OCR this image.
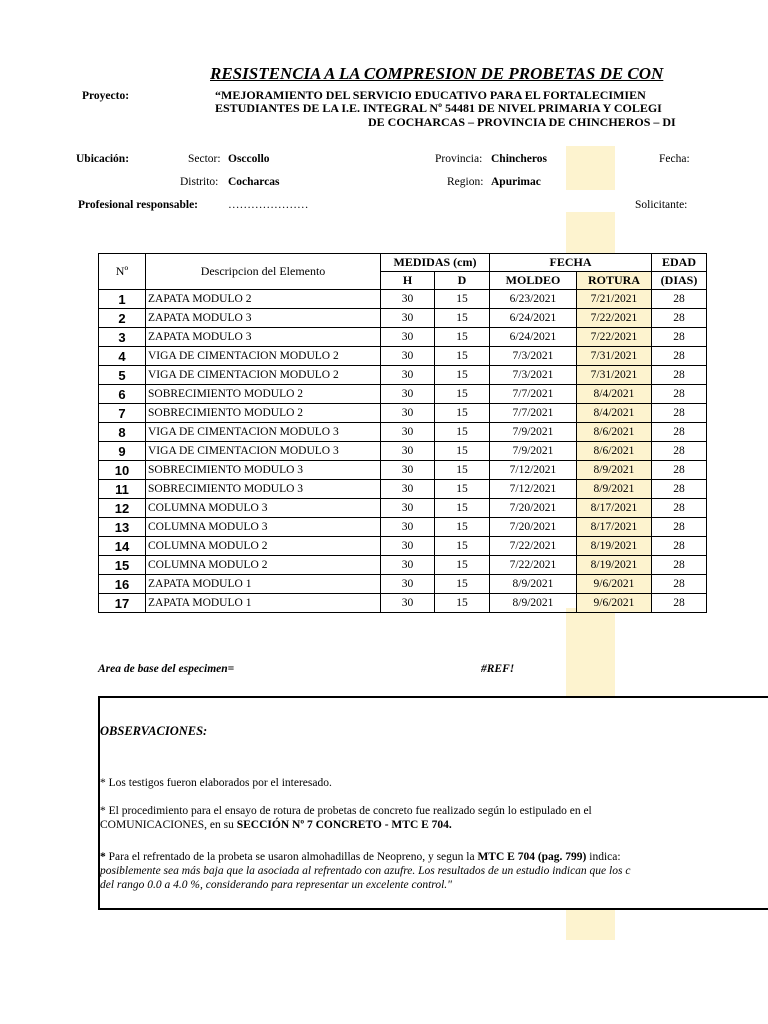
RESISTENCIA A LA COMPRESION DE PROBETAS DE CON
Proyecto:	“MEJORAMIENTO DEL SERVICIO EDUCATIVO PARA EL FORTALECIMIEN
ESTUDIANTES DE LA I.E. INTEGRAL Nº 54481 DE NIVEL PRIMARIA Y COLEGI
DE COCHARCAS – PROVINCIA DE CHINCHEROS – DI
Ubicación:	Sector: Osccollo
Distrito: Cocharcas
Provincia: Chincheros
Region: Apurimac
Fecha:
Profesional responsable:	…………………	Solicitante:
Nº	Descripcion del Elemento	MEDIDAS (cm)		FECHA		EDAD
		H	D	MOLDEO	ROTURA	(DIAS)
1	ZAPATA MODULO 2	30	15	6/23/2021	7/21/2021	28
2	ZAPATA MODULO 3	30	15	6/24/2021	7/22/2021	28
3	ZAPATA MODULO 3	30	15	6/24/2021	7/22/2021	28
4	VIGA DE CIMENTACION MODULO 2	30	15	7/3/2021	7/31/2021	28
5	VIGA DE CIMENTACION MODULO 2	30	15	7/3/2021	7/31/2021	28
6	SOBRECIMIENTO MODULO 2	30	15	7/7/2021	8/4/2021	28
7	SOBRECIMIENTO MODULO 2	30	15	7/7/2021	8/4/2021	28
8	VIGA DE CIMENTACION MODULO 3	30	15	7/9/2021	8/6/2021	28
9	VIGA DE CIMENTACION MODULO 3	30	15	7/9/2021	8/6/2021	28
10	SOBRECIMIENTO MODULO 3	30	15	7/12/2021	8/9/2021	28
11	SOBRECIMIENTO MODULO 3	30	15	7/12/2021	8/9/2021	28
12	COLUMNA MODULO 3	30	15	7/20/2021	8/17/2021	28
13	COLUMNA MODULO 3	30	15	7/20/2021	8/17/2021	28
14	COLUMNA MODULO 2	30	15	7/22/2021	8/19/2021	28
15	COLUMNA MODULO 2	30	15	7/22/2021	8/19/2021	28
16	ZAPATA MODULO 1	30	15	8/9/2021	9/6/2021	28
17	ZAPATA MODULO 1	30	15	8/9/2021	9/6/2021	28
Area de base del especimen=	#REF!
OBSERVACIONES:
* Los testigos fueron elaborados por el interesado.
* El procedimiento para el ensayo de rotura de probetas de concreto fue realizado según lo estipulado en el
COMUNICACIONES, en su SECCIÓN Nº 7 CONCRETO - MTC E 704.
* Para el refrentado de la probeta se usaron almohadillas de Neopreno, y segun la MTC E 704 (pag. 799) indica:
posiblemente sea más baja que la asociada al refrentado con azufre. Los resultados de un estudio indican que los c
del rango 0.0 a 4.0 %, considerando para representar un excelente control."
